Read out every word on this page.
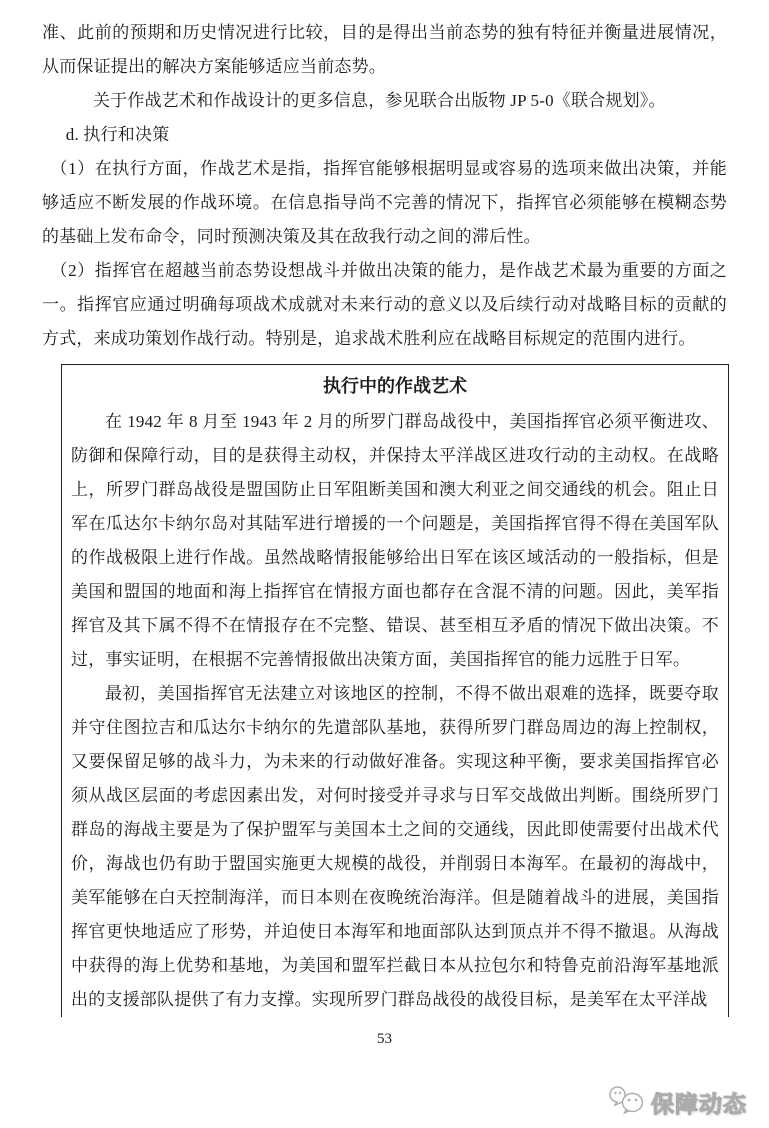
准、此前的预期和历史情况进行比较，目的是得出当前态势的独有特征并衡量进展情况，从而保证提出的解决方案能够适应当前态势。

关于作战艺术和作战设计的更多信息，参见联合出版物 JP 5-0《联合规划》。

d. 执行和决策

（1）在执行方面，作战艺术是指，指挥官能够根据明显或容易的选项来做出决策，并能够适应不断发展的作战环境。在信息指导尚不完善的情况下，指挥官必须能够在模糊态势的基础上发布命令，同时预测决策及其在敌我行动之间的滞后性。

（2）指挥官在超越当前态势设想战斗并做出决策的能力，是作战艺术最为重要的方面之一。指挥官应通过明确每项战术成就对未来行动的意义以及后续行动对战略目标的贡献的方式，来成功策划作战行动。特别是，追求战术胜利应在战略目标规定的范围内进行。

执行中的作战艺术

在 1942 年 8 月至 1943 年 2 月的所罗门群岛战役中，美国指挥官必须平衡进攻、防御和保障行动，目的是获得主动权，并保持太平洋战区进攻行动的主动权。在战略上，所罗门群岛战役是盟国防止日军阻断美国和澳大利亚之间交通线的机会。阻止日军在瓜达尔卡纳尔岛对其陆军进行增援的一个问题是，美国指挥官得不得在美国军队的作战极限上进行作战。虽然战略情报能够给出日军在该区域活动的一般指标，但是美国和盟国的地面和海上指挥官在情报方面也都存在含混不清的问题。因此，美军指挥官及其下属不得不在情报存在不完整、错误、甚至相互矛盾的情况下做出决策。不过，事实证明，在根据不完善情报做出决策方面，美国指挥官的能力远胜于日军。

最初，美国指挥官无法建立对该地区的控制，不得不做出艰难的选择，既要夺取并守住图拉吉和瓜达尔卡纳尔的先遣部队基地，获得所罗门群岛周边的海上控制权，又要保留足够的战斗力，为未来的行动做好准备。实现这种平衡，要求美国指挥官必须从战区层面的考虑因素出发，对何时接受并寻求与日军交战做出判断。围绕所罗门群岛的海战主要是为了保护盟军与美国本土之间的交通线，因此即使需要付出战术代价，海战也仍有助于盟国实施更大规模的战役，并削弱日本海军。在最初的海战中，美军能够在白天控制海洋，而日本则在夜晚统治海洋。但是随着战斗的进展，美国指挥官更快地适应了形势，并迫使日本海军和地面部队达到顶点并不得不撤退。从海战中获得的海上优势和基地，为美国和盟军拦截日本从拉包尔和特鲁克前沿海军基地派出的支援部队提供了有力支撑。实现所罗门群岛战役的战役目标，是美军在太平洋战

53
保障动态
